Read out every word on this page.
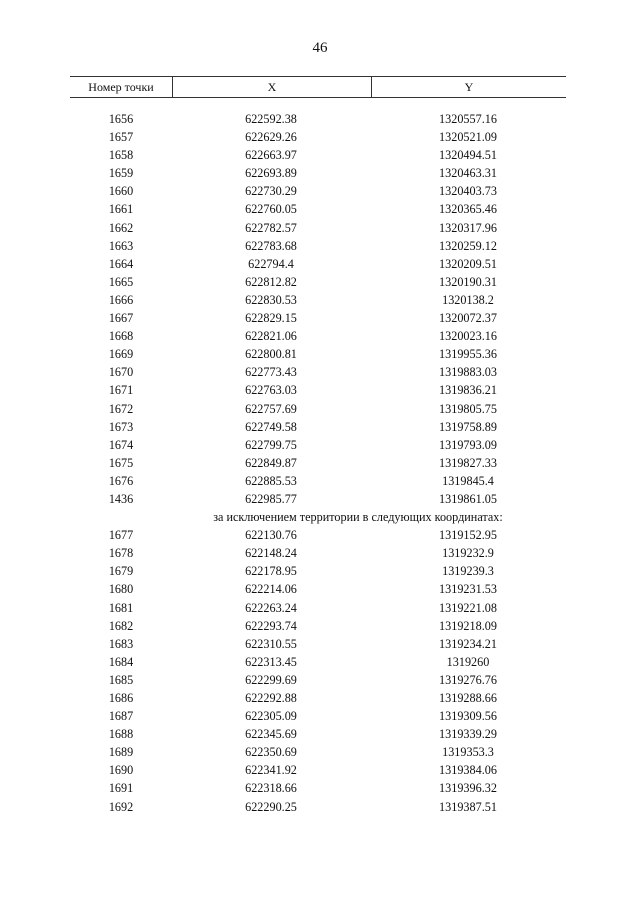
46
Номер точки	X	Y
1656	622592.38	1320557.16
1657	622629.26	1320521.09
1658	622663.97	1320494.51
1659	622693.89	1320463.31
1660	622730.29	1320403.73
1661	622760.05	1320365.46
1662	622782.57	1320317.96
1663	622783.68	1320259.12
1664	622794.4	1320209.51
1665	622812.82	1320190.31
1666	622830.53	1320138.2
1667	622829.15	1320072.37
1668	622821.06	1320023.16
1669	622800.81	1319955.36
1670	622773.43	1319883.03
1671	622763.03	1319836.21
1672	622757.69	1319805.75
1673	622749.58	1319758.89
1674	622799.75	1319793.09
1675	622849.87	1319827.33
1676	622885.53	1319845.4
1436	622985.77	1319861.05
за исключением территории в следующих координатах:
1677	622130.76	1319152.95
1678	622148.24	1319232.9
1679	622178.95	1319239.3
1680	622214.06	1319231.53
1681	622263.24	1319221.08
1682	622293.74	1319218.09
1683	622310.55	1319234.21
1684	622313.45	1319260
1685	622299.69	1319276.76
1686	622292.88	1319288.66
1687	622305.09	1319309.56
1688	622345.69	1319339.29
1689	622350.69	1319353.3
1690	622341.92	1319384.06
1691	622318.66	1319396.32
1692	622290.25	1319387.51
